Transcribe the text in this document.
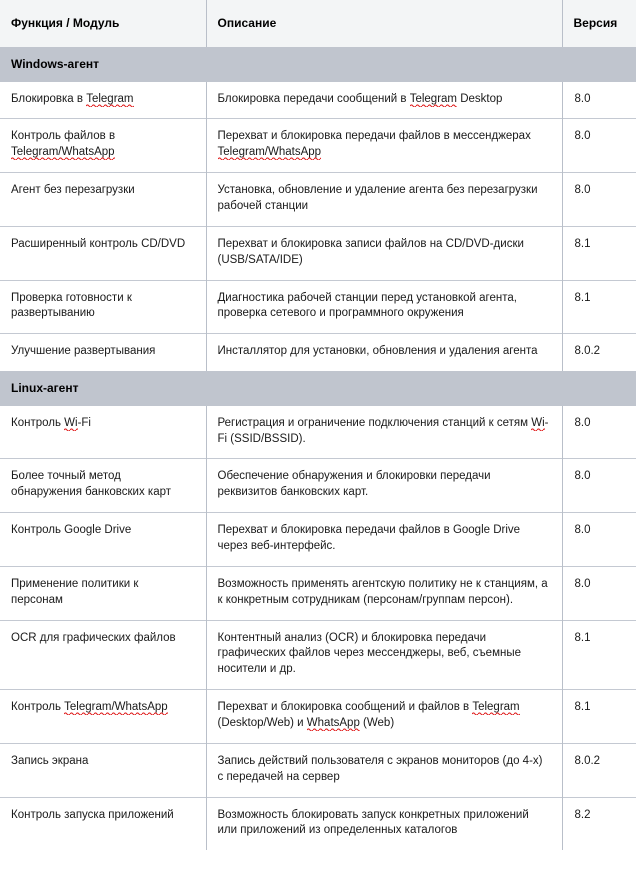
Функция / Модуль	Описание	Версия
Windows-агент		
Блокировка в Telegram	Блокировка передачи сообщений в Telegram Desktop	8.0
Контроль файлов в Telegram/WhatsApp	Перехват и блокировка передачи файлов в мессенджерах Telegram/WhatsApp	8.0
Агент без перезагрузки	Установка, обновление и удаление агента без перезагрузки рабочей станции	8.0
Расширенный контроль CD/DVD	Перехват и блокировка записи файлов на CD/DVD-диски (USB/SATA/IDE)	8.1
Проверка готовности к развертыванию	Диагностика рабочей станции перед установкой агента, проверка сетевого и программного окружения	8.1
Улучшение развертывания	Инсталлятор для установки, обновления и удаления агента	8.0.2
Linux-агент		
Контроль Wi-Fi	Регистрация и ограничение подключения станций к сетям Wi-Fi (SSID/BSSID).	8.0
Более точный метод обнаружения банковских карт	Обеспечение обнаружения и блокировки передачи реквизитов банковских карт.	8.0
Контроль Google Drive	Перехват и блокировка передачи файлов в Google Drive через веб-интерфейс.	8.0
Применение политики к персонам	Возможность применять агентскую политику не к станциям, а к конкретным сотрудникам (персонам/группам персон).	8.0
OCR для графических файлов	Контентный анализ (OCR) и блокировка передачи графических файлов через мессенджеры, веб, съемные носители и др.	8.1
Контроль Telegram/WhatsApp	Перехват и блокировка сообщений и файлов в Telegram (Desktop/Web) и WhatsApp (Web)	8.1
Запись экрана	Запись действий пользователя с экранов мониторов (до 4-х) с передачей на сервер	8.0.2
Контроль запуска приложений	Возможность блокировать запуск конкретных приложений или приложений из определенных каталогов	8.2
